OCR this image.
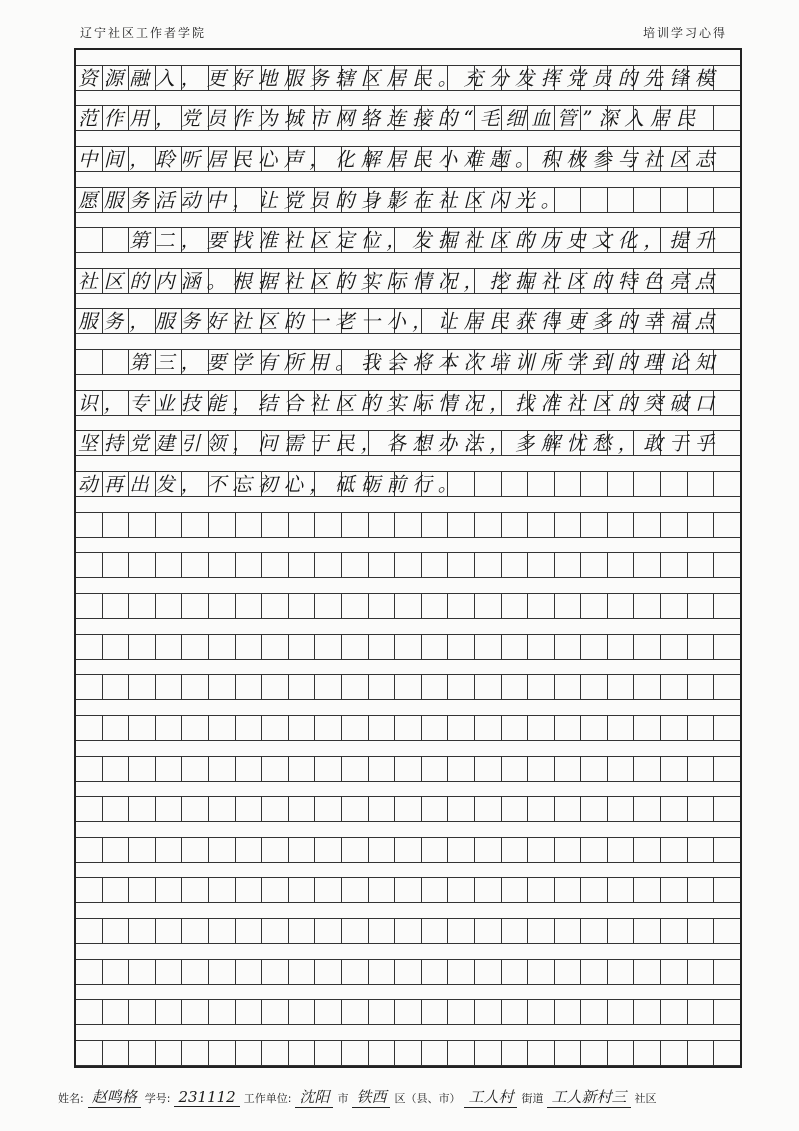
辽宁社区工作者学院	培训学习心得
资源融入，更好地服务辖区居民。充分发挥党员的先锋模
范作用，党员作为城市网络连接的“毛细血管”深入居民
中间，聆听居民心声，化解居民小难题。积极参与社区志
愿服务活动中，让党员的身影在社区闪光。
　　第二，要找准社区定位，发掘社区的历史文化，提升
社区的内涵。根据社区的实际情况，挖掘社区的特色亮点
服务，服务好社区的一老一小，让居民获得更多的幸福点
　　第三，要学有所用。我会将本次培训所学到的理论知
识，专业技能，结合社区的实际情况，找准社区的突破口
坚持党建引领，问需于民，各想办法，多解忧愁，敢于乎
动再出发，不忘初心，砥砺前行。
姓名: 赵鸣格 学号: 231112 工作单位: 沈阳 市 铁西 区（县、市） 工人村 街道 工人新村三 社区
